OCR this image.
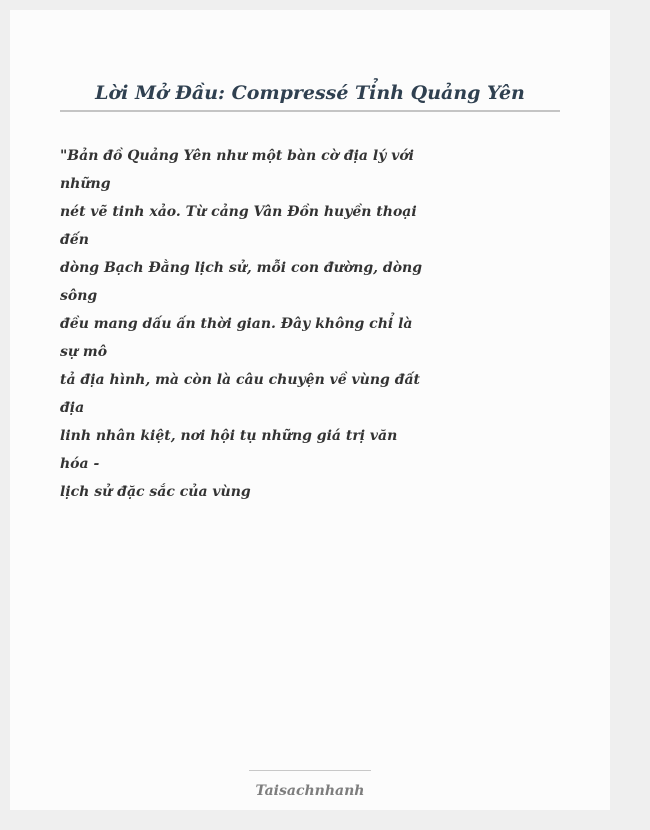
Lời Mở Đầu: Compressé Tỉnh Quảng Yên
"Bản đồ Quảng Yên như một bàn cờ địa lý với
những
nét vẽ tinh xảo. Từ cảng Vân Đồn huyền thoại
đến
dòng Bạch Đằng lịch sử, mỗi con đường, dòng
sông
đều mang dấu ấn thời gian. Đây không chỉ là
sự mô
tả địa hình, mà còn là câu chuyện về vùng đất
địa
linh nhân kiệt, nơi hội tụ những giá trị văn
hóa -
lịch sử đặc sắc của vùng
Taisachnhanh
